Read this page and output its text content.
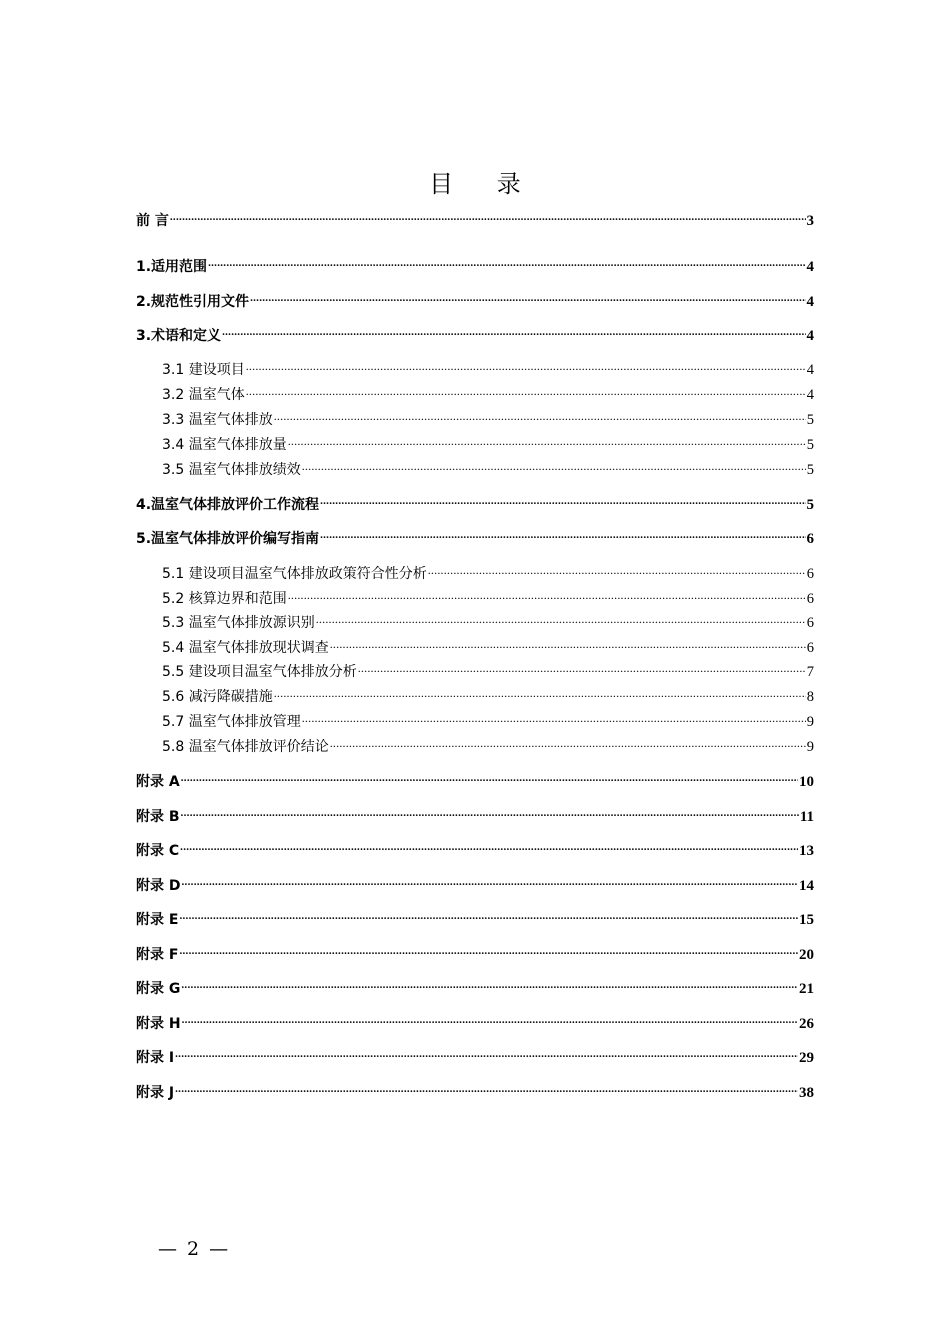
目 录
前 言 .....	3
1.适用范围 .....	4
2.规范性引用文件 .....	4
3.术语和定义 .....	4
3.1 建设项目 .....	4
3.2 温室气体 .....	4
3.3 温室气体排放 .....	5
3.4 温室气体排放量 .....	5
3.5 温室气体排放绩效 .....	5
4.温室气体排放评价工作流程 .....	5
5.温室气体排放评价编写指南 .....	6
5.1 建设项目温室气体排放政策符合性分析 .....	6
5.2 核算边界和范围 .....	6
5.3 温室气体排放源识别 .....	6
5.4 温室气体排放现状调查 .....	6
5.5 建设项目温室气体排放分析 .....	7
5.6 减污降碳措施 .....	8
5.7 温室气体排放管理 .....	9
5.8 温室气体排放评价结论 .....	9
附录 A .....	10
附录 B .....	11
附录 C .....	13
附录 D .....	14
附录 E .....	15
附录 F .....	20
附录 G .....	21
附录 H .....	26
附录 I .....	29
附录 J .....	38
— 2 —
